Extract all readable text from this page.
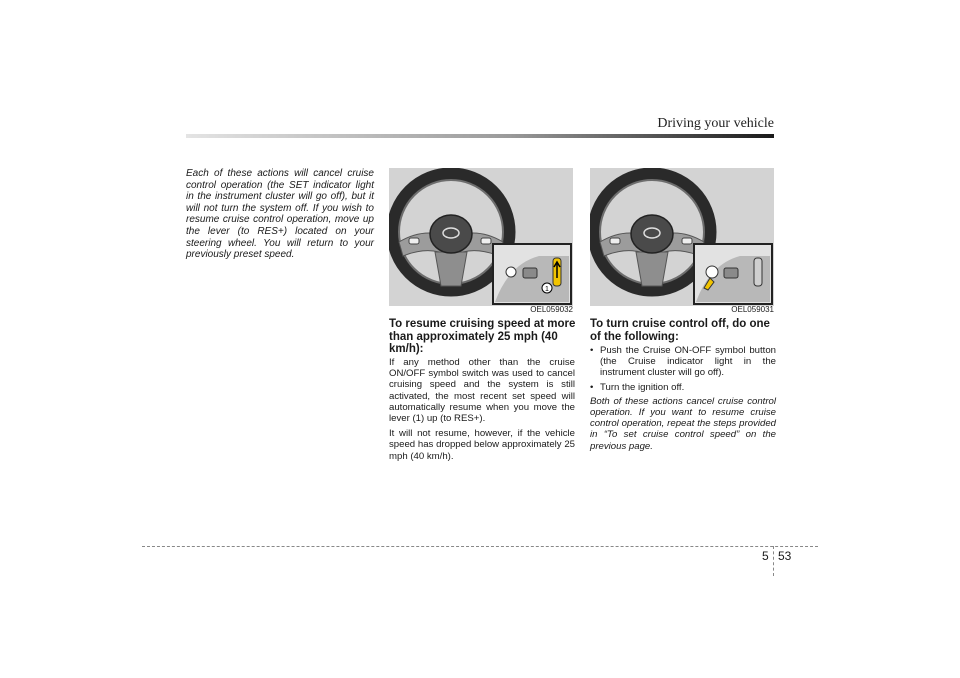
Driving your vehicle
Each of these actions will cancel cruise control operation (the SET indicator light in the instrument cluster will go off), but it will not turn the system off. If you wish to resume cruise control operation, move up the lever (to RES+) located on your steering wheel. You will return to your previously preset speed.
1
OEL059032	OEL059031
To resume cruising speed at more than approximately 25 mph (40 km/h):

If any method other than the cruise ON/OFF symbol switch was used to cancel cruising speed and the system is still activated, the most recent set speed will automatically resume when you move the lever (1) up (to RES+).

It will not resume, however, if the vehicle speed has dropped below approximately 25 mph (40 km/h).

To turn cruise control off, do one of the following:
• Push the Cruise ON-OFF symbol button (the Cruise indicator light in the instrument cluster will go off).
• Turn the ignition off.

Both of these actions cancel cruise control operation. If you want to resume cruise control operation, repeat the steps provided in “To set cruise control speed” on the previous page.

5 53
